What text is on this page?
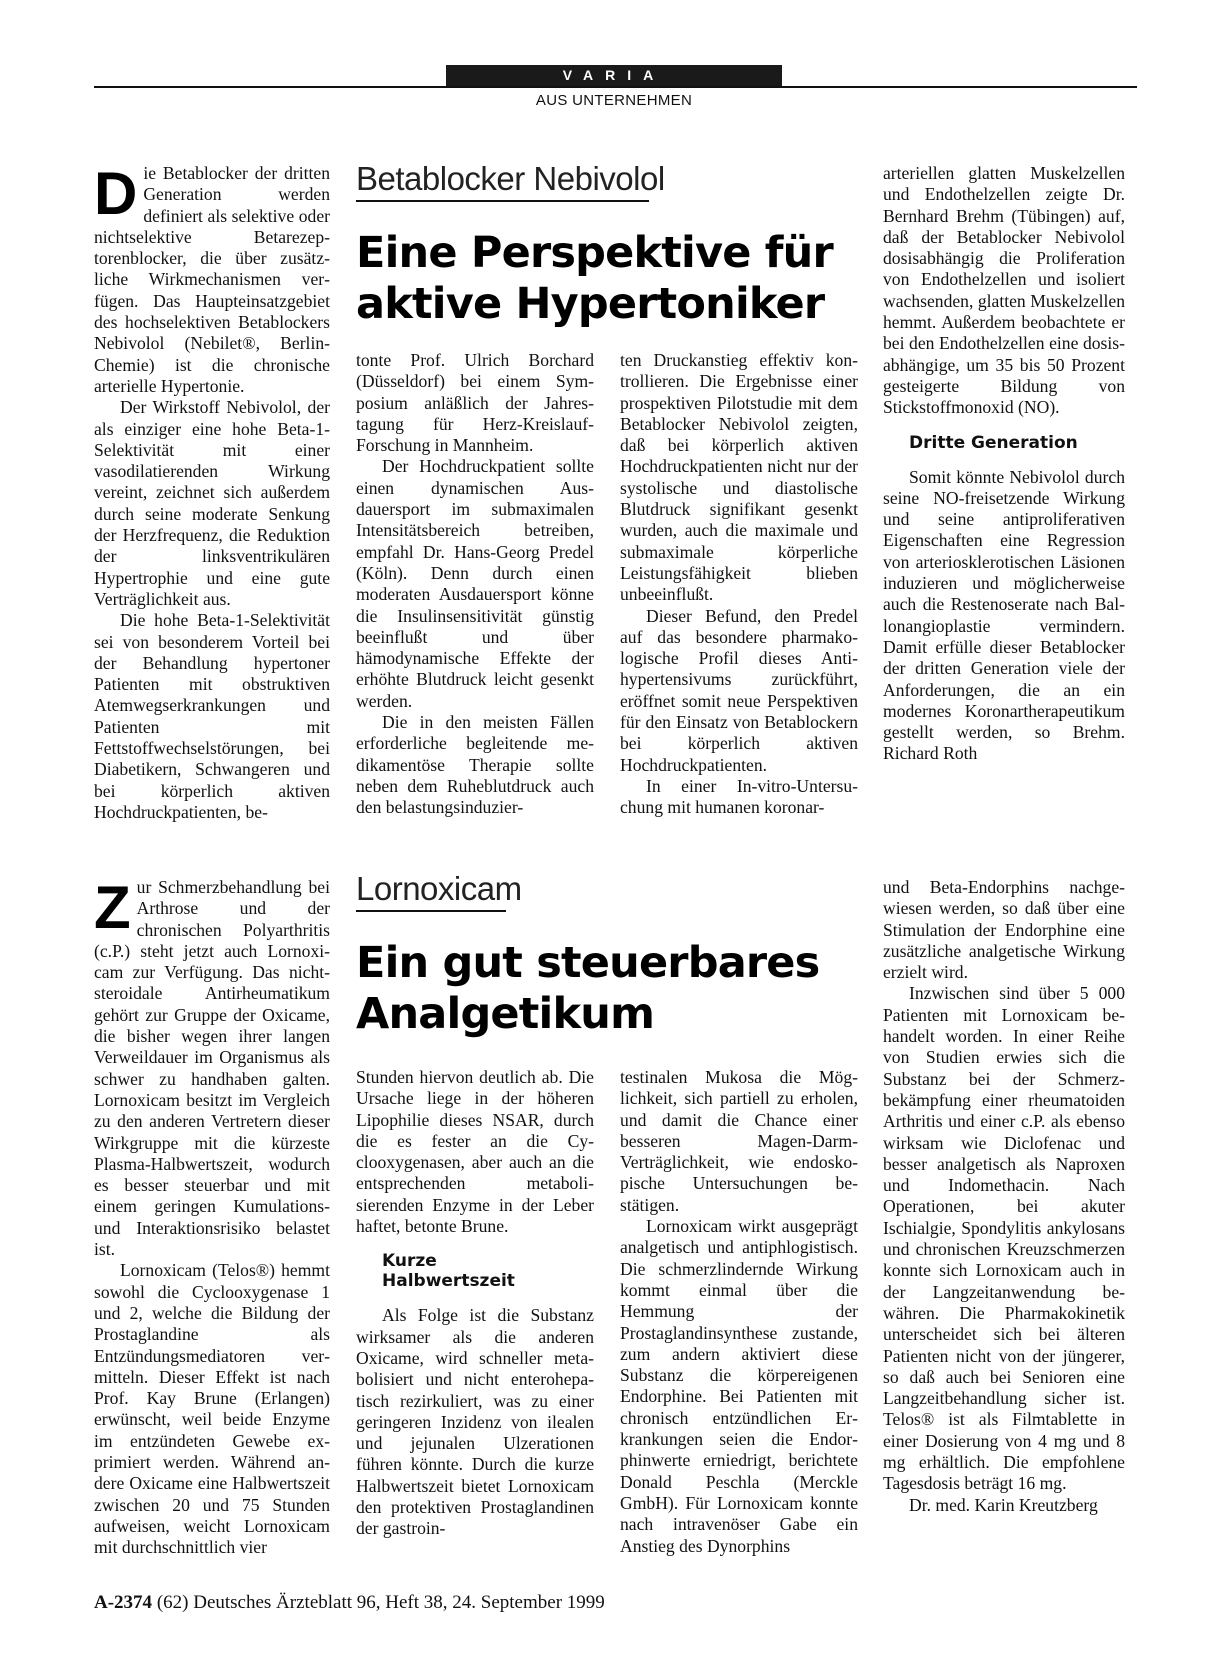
VARIA
AUS UNTERNEHMEN
Betablocker Nebivolol
Eine Perspektive für
aktive Hypertoniker

Die Betablocker der dritten Generation werden definiert als selektive oder nichtselektive Betarezeptorenblocker, die über zusätzliche Wirkmechanismen verfügen. Das Haupteinsatzgebiet des hochselektiven Betablockers Nebivolol (Nebilet®, Berlin-Chemie) ist die chronische arterielle Hypertonie.

Der Wirkstoff Nebivolol, der als einziger eine hohe Beta-1-Selektivität mit einer vasodilatierenden Wirkung vereint, zeichnet sich außerdem durch seine moderate Senkung der Herzfrequenz, die Reduktion der linksventrikulären Hypertrophie und eine gute Verträglichkeit aus.

Die hohe Beta-1-Selektivität sei von besonderem Vorteil bei der Behandlung hypertoner Patienten mit obstruktiven Atemwegserkrankungen und Patienten mit Fettstoffwechselstörungen, bei Diabetikern, Schwangeren und bei körperlich aktiven Hochdruckpatienten, be-

tonte Prof. Ulrich Borchard (Düsseldorf) bei einem Symposium anläßlich der Jahrestagung für Herz-Kreislauf-Forschung in Mannheim.

Der Hochdruckpatient sollte einen dynamischen Ausdauersport im submaximalen Intensitätsbereich betreiben, empfahl Dr. Hans-Georg Predel (Köln). Denn durch einen moderaten Ausdauersport könne die Insulinsensitivität günstig beeinflußt und über hämodynamische Effekte der erhöhte Blutdruck leicht gesenkt werden.

Die in den meisten Fällen erforderliche begleitende medikamentöse Therapie sollte neben dem Ruheblutdruck auch den belastungsinduzier-

ten Druckanstieg effektiv kontrollieren. Die Ergebnisse einer prospektiven Pilotstudie mit dem Betablocker Nebivolol zeigten, daß bei körperlich aktiven Hochdruckpatienten nicht nur der systolische und diastolische Blutdruck signifikant gesenkt wurden, auch die maximale und submaximale körperliche Leistungsfähigkeit blieben unbeeinflußt.

Dieser Befund, den Predel auf das besondere pharmakologische Profil dieses Antihypertensivums zurückführt, eröffnet somit neue Perspektiven für den Einsatz von Betablockern bei körperlich aktiven Hochdruckpatienten.

In einer In-vitro-Untersuchung mit humanen koronar-

arteriellen glatten Muskelzellen und Endothelzellen zeigte Dr. Bernhard Brehm (Tübingen) auf, daß der Betablocker Nebivolol dosisabhängig die Proliferation von Endothelzellen und isoliert wachsenden, glatten Muskelzellen hemmt. Außerdem beobachtete er bei den Endothelzellen eine dosisabhängige, um 35 bis 50 Prozent gesteigerte Bildung von Stickstoffmonoxid (NO).

Dritte Generation

Somit könnte Nebivolol durch seine NO-freisetzende Wirkung und seine antiproliferativen Eigenschaften eine Regression von arteriosklerotischen Läsionen induzieren und möglicherweise auch die Restenoserate nach Ballonangioplastie vermindern. Damit erfülle dieser Betablocker der dritten Generation viele der Anforderungen, die an ein modernes Koronartherapeutikum gestellt werden, so Brehm. Richard Roth

Lornoxicam
Ein gut steuerbares
Analgetikum

Zur Schmerzbehandlung bei Arthrose und der chronischen Polyarthritis (c.P.) steht jetzt auch Lornoxicam zur Verfügung. Das nichtsteroidale Antirheumatikum gehört zur Gruppe der Oxicame, die bisher wegen ihrer langen Verweildauer im Organismus als schwer zu handhaben galten. Lornoxicam besitzt im Vergleich zu den anderen Vertretern dieser Wirkgruppe mit die kürzeste Plasma-Halbwertszeit, wodurch es besser steuerbar und mit einem geringen Kumulations- und Interaktionsrisiko belastet ist.

Lornoxicam (Telos®) hemmt sowohl die Cyclooxygenase 1 und 2, welche die Bildung der Prostaglandine als Entzündungsmediatoren vermitteln. Dieser Effekt ist nach Prof. Kay Brune (Erlangen) erwünscht, weil beide Enzyme im entzündeten Gewebe exprimiert werden. Während andere Oxicame eine Halbwertszeit zwischen 20 und 75 Stunden aufweisen, weicht Lornoxicam mit durchschnittlich vier

Stunden hiervon deutlich ab. Die Ursache liege in der höheren Lipophilie dieses NSAR, durch die es fester an die Cyclooxygenasen, aber auch an die entsprechenden metabolisierenden Enzyme in der Leber haftet, betonte Brune.

Kurze
Halbwertszeit

Als Folge ist die Substanz wirksamer als die anderen Oxicame, wird schneller metabolisiert und nicht enterohepatisch rezirkuliert, was zu einer geringeren Inzidenz von ilealen und jejunalen Ulzerationen führen könnte. Durch die kurze Halbwertszeit bietet Lornoxicam den protektiven Prostaglandinen der gastroin-

testinalen Mukosa die Möglichkeit, sich partiell zu erholen, und damit die Chance einer besseren Magen-Darm-Verträglichkeit, wie endoskopische Untersuchungen bestätigen.

Lornoxicam wirkt ausgeprägt analgetisch und antiphlogistisch. Die schmerzlindernde Wirkung kommt einmal über die Hemmung der Prostaglandinsynthese zustande, zum andern aktiviert diese Substanz die körpereigenen Endorphine. Bei Patienten mit chronisch entzündlichen Erkrankungen seien die Endorphinwerte erniedrigt, berichtete Donald Peschla (Merckle GmbH). Für Lornoxicam konnte nach intravenöser Gabe ein Anstieg des Dynorphins

und Beta-Endorphins nachgewiesen werden, so daß über eine Stimulation der Endorphine eine zusätzliche analgetische Wirkung erzielt wird.

Inzwischen sind über 5 000 Patienten mit Lornoxicam behandelt worden. In einer Reihe von Studien erwies sich die Substanz bei der Schmerzbekämpfung einer rheumatoiden Arthritis und einer c.P. als ebenso wirksam wie Diclofenac und besser analgetisch als Naproxen und Indomethacin. Nach Operationen, bei akuter Ischialgie, Spondylitis ankylosans und chronischen Kreuzschmerzen konnte sich Lornoxicam auch in der Langzeitanwendung bewähren. Die Pharmakokinetik unterscheidet sich bei älteren Patienten nicht von der jüngerer, so daß auch bei Senioren eine Langzeitbehandlung sicher ist. Telos® ist als Filmtablette in einer Dosierung von 4 mg und 8 mg erhältlich. Die empfohlene Tagesdosis beträgt 16 mg.

Dr. med. Karin Kreutzberg

A-2374 (62) Deutsches Ärzteblatt 96, Heft 38, 24. September 1999
